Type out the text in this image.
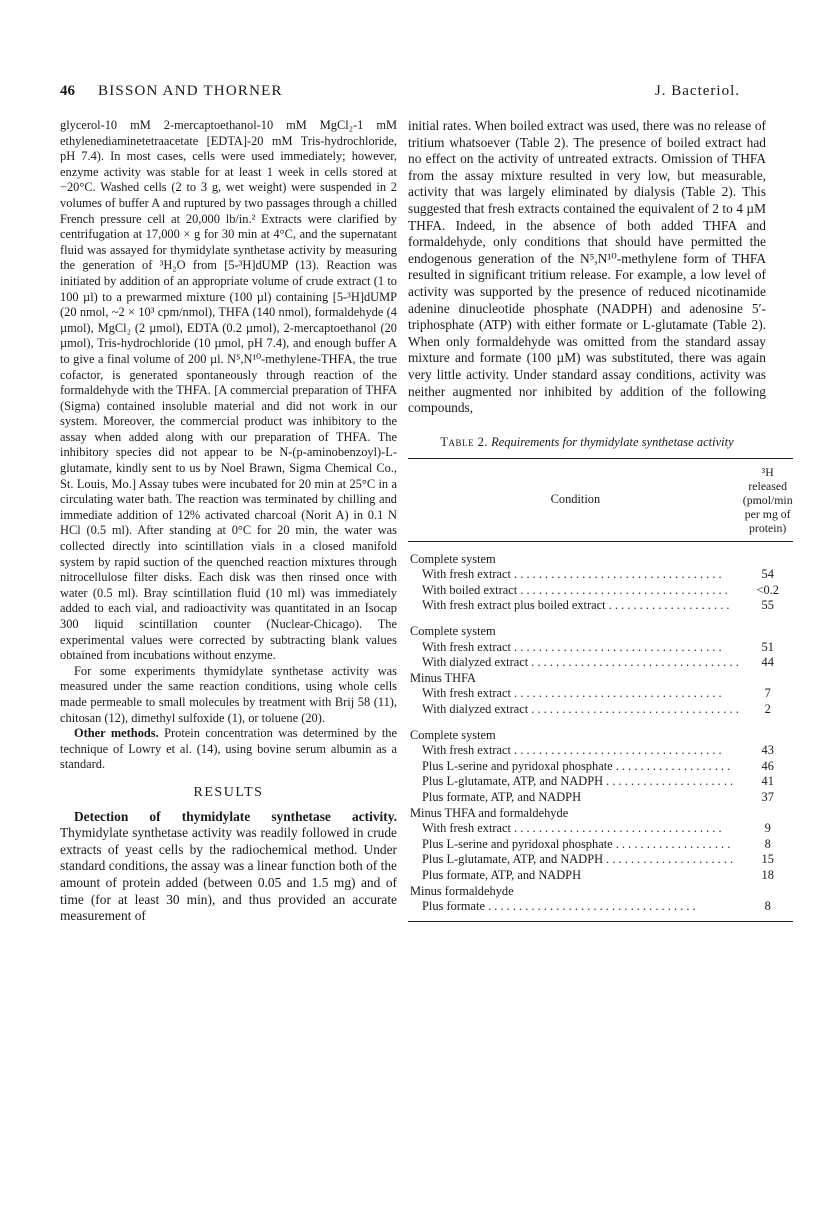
46 BISSON AND THORNER	J. Bacteriol.

glycerol-10 mM 2-mercaptoethanol-10 mM MgCl₂-1 mM ethylenediaminetetraacetate [EDTA]-20 mM Tris-hydrochloride, pH 7.4). In most cases, cells were used immediately; however, enzyme activity was stable for at least 1 week in cells stored at −20°C. Washed cells (2 to 3 g, wet weight) were suspended in 2 volumes of buffer A and ruptured by two passages through a chilled French pressure cell at 20,000 lb/in.² Extracts were clarified by centrifugation at 17,000 × g for 30 min at 4°C, and the supernatant fluid was assayed for thymidylate synthetase activity by measuring the generation of ³H₂O from [5-³H]dUMP (13). Reaction was initiated by addition of an appropriate volume of crude extract (1 to 100 µl) to a prewarmed mixture (100 µl) containing [5-³H]dUMP (20 nmol, ~2 × 10³ cpm/nmol), THFA (140 nmol), formaldehyde (4 µmol), MgCl₂ (2 µmol), EDTA (0.2 µmol), 2-mercaptoethanol (20 µmol), Tris-hydrochloride (10 µmol, pH 7.4), and enough buffer A to give a final volume of 200 µl. N⁵,N¹⁰-methylene-THFA, the true cofactor, is generated spontaneously through reaction of the formaldehyde with the THFA. [A commercial preparation of THFA (Sigma) contained insoluble material and did not work in our system. Moreover, the commercial product was inhibitory to the assay when added along with our preparation of THFA. The inhibitory species did not appear to be N-(p-aminobenzoyl)-L-glutamate, kindly sent to us by Noel Brawn, Sigma Chemical Co., St. Louis, Mo.] Assay tubes were incubated for 20 min at 25°C in a circulating water bath. The reaction was terminated by chilling and immediate addition of 12% activated charcoal (Norit A) in 0.1 N HCl (0.5 ml). After standing at 0°C for 20 min, the water was collected directly into scintillation vials in a closed manifold system by rapid suction of the quenched reaction mixtures through nitrocellulose filter disks. Each disk was then rinsed once with water (0.5 ml). Bray scintillation fluid (10 ml) was immediately added to each vial, and radioactivity was quantitated in an Isocap 300 liquid scintillation counter (Nuclear-Chicago). The experimental values were corrected by subtracting blank values obtained from incubations without enzyme.

For some experiments thymidylate synthetase activity was measured under the same reaction conditions, using whole cells made permeable to small molecules by treatment with Brij 58 (11), chitosan (12), dimethyl sulfoxide (1), or toluene (20).

Other methods. Protein concentration was determined by the technique of Lowry et al. (14), using bovine serum albumin as a standard.

RESULTS

Detection of thymidylate synthetase activity. Thymidylate synthetase activity was readily followed in crude extracts of yeast cells by the radiochemical method. Under standard conditions, the assay was a linear function both of the amount of protein added (between 0.05 and 1.5 mg) and of time (for at least 30 min), and thus provided an accurate measurement of

initial rates. When boiled extract was used, there was no release of tritium whatsoever (Table 2). The presence of boiled extract had no effect on the activity of untreated extracts. Omission of THFA from the assay mixture resulted in very low, but measurable, activity that was largely eliminated by dialysis (Table 2). This suggested that fresh extracts contained the equivalent of 2 to 4 µM THFA. Indeed, in the absence of both added THFA and formaldehyde, only conditions that should have permitted the endogenous generation of the N⁵,N¹⁰-methylene form of THFA resulted in significant tritium release. For example, a low level of activity was supported by the presence of reduced nicotinamide adenine dinucleotide phosphate (NADPH) and adenosine 5′-triphosphate (ATP) with either formate or L-glutamate (Table 2). When only formaldehyde was omitted from the standard assay mixture and formate (100 µM) was substituted, there was again very little activity. Under standard assay conditions, activity was neither augmented nor inhibited by addition of the following compounds,

Table 2. Requirements for thymidylate synthetase activity
Condition	³H released (pmol/min per mg of protein)
Complete system	
With fresh extract . . .	54
With boiled extract . . .	<0.2
With fresh extract plus boiled extract . . . . . . . . . . . . . . . . . . . .	55
Complete system	
With fresh extract . . .	51
With dialyzed extract . . .	44
Minus THFA	
With fresh extract . . .	7
With dialyzed extract . . .	2
Complete system	
With fresh extract . . .	43
Plus L-serine and pyridoxal phosphate . . . . . . . . . . . . . . . . . . .	46
Plus L-glutamate, ATP, and NADPH . . . . . . . . . . . . . . . . . . . . .	41
Plus formate, ATP, and NADPH	37
Minus THFA and formaldehyde	
With fresh extract . . .	9
Plus L-serine and pyridoxal phosphate . . . . . . . . . . . . . . . . . . .	8
Plus L-glutamate, ATP, and NADPH . . . . . . . . . . . . . . . . . . . . .	15
Plus formate, ATP, and NADPH	18
Minus formaldehyde	
Plus formate . . .	8
